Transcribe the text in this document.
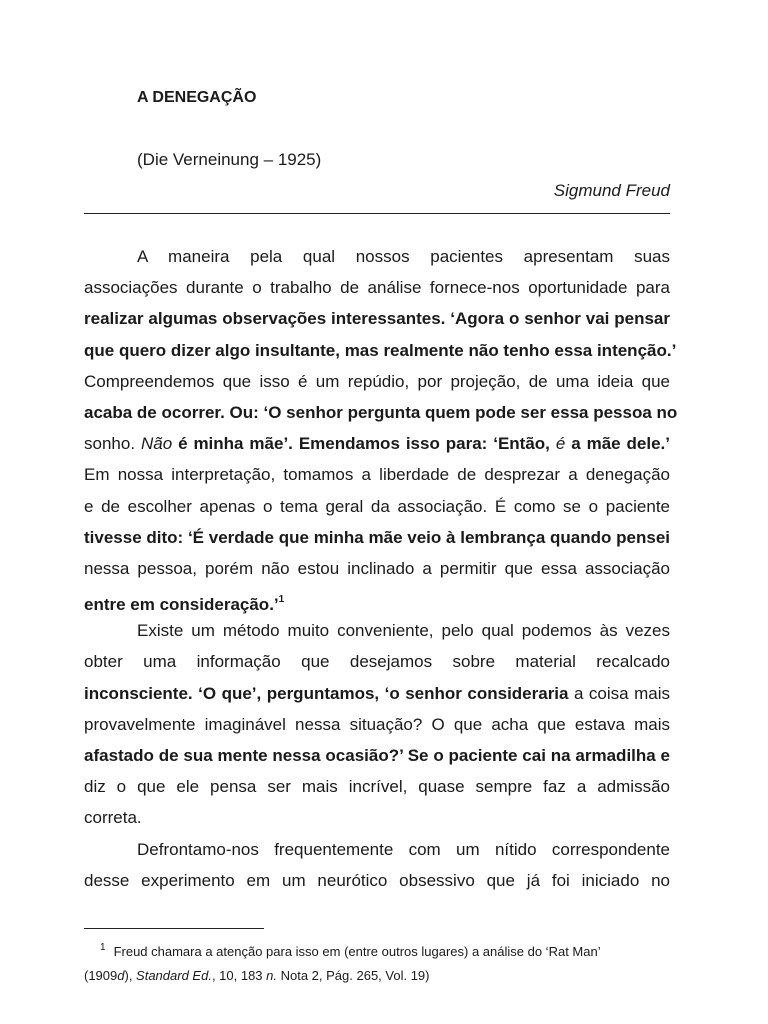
A DENEGAÇÃO
(Die Verneinung – 1925)
Sigmund Freud
A maneira pela qual nossos pacientes apresentam suas
associações durante o trabalho de análise fornece-nos oportunidade para
realizar algumas observações interessantes. ‘Agora o senhor vai pensar
que quero dizer algo insultante, mas realmente não tenho essa intenção.’
Compreendemos que isso é um repúdio, por projeção, de uma ideia que
acaba de ocorrer. Ou: ‘O senhor pergunta quem pode ser essa pessoa no
sonho. Não é minha mãe’. Emendamos isso para: ‘Então, é a mãe dele.’
Em nossa interpretação, tomamos a liberdade de desprezar a denegação
e de escolher apenas o tema geral da associação. É como se o paciente
tivesse dito: ‘É verdade que minha mãe veio à lembrança quando pensei
nessa pessoa, porém não estou inclinado a permitir que essa associação
entre em consideração.’$^1$
Existe um método muito conveniente, pelo qual podemos às vezes
obter uma informação que desejamos sobre material recalcado
inconsciente. ‘O que’, perguntamos, ‘o senhor consideraria a coisa mais
provavelmente imaginável nessa situação? O que acha que estava mais
afastado de sua mente nessa ocasião?’ Se o paciente cai na armadilha e
diz o que ele pensa ser mais incrível, quase sempre faz a admissão
correta.
Defrontamo-nos frequentemente com um nítido correspondente
desse experimento em um neurótico obsessivo que já foi iniciado no
$^1$ Freud chamara a atenção para isso em (entre outros lugares) a análise do ‘Rat Man’
(1909d), Standard Ed., 10, 183 n. Nota 2, Pág. 265, Vol. 19)
